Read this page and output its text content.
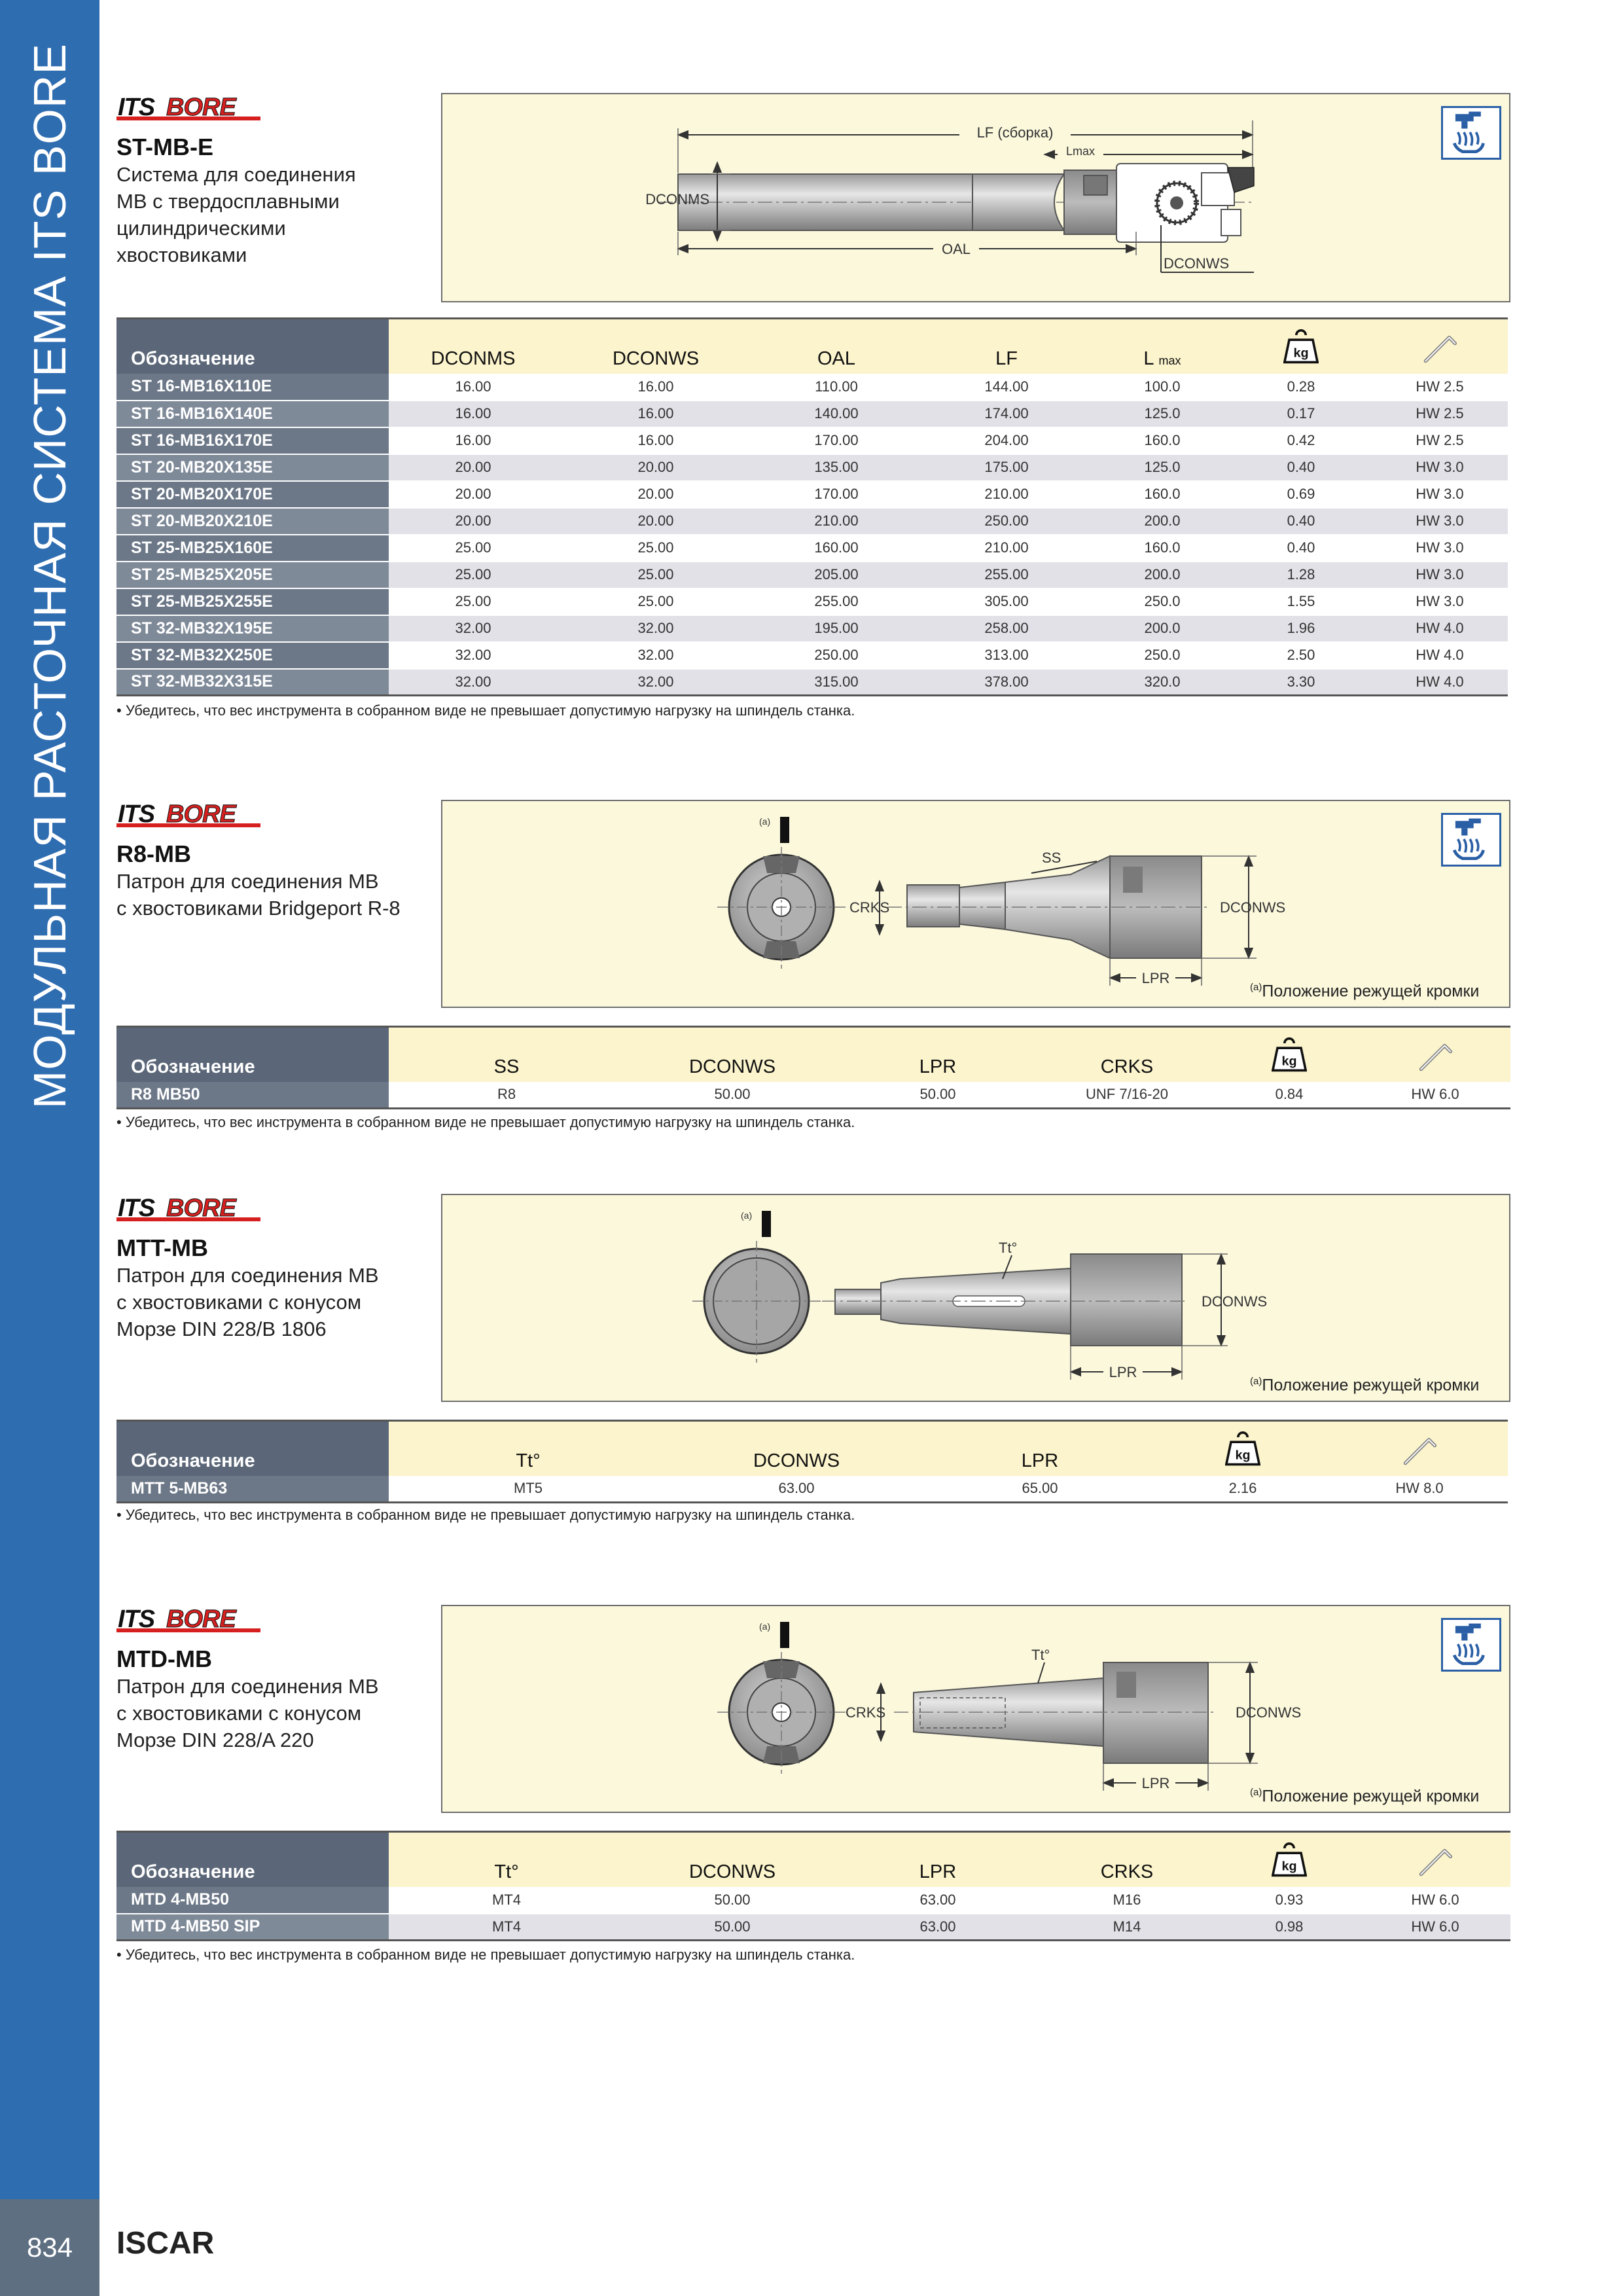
МОДУЛЬНАЯ РАСТОЧНАЯ СИСТЕМА ITS BORE
834	ISCAR
ST-MB-E
Система для соединения
MB с твердосплавными
цилиндрическими
хвостовиками
LF (сборка)
Lmax
DCONMS
OAL
DCONWS
Обозначение	DCONMS	DCONWS	OAL	LF	L max		
ST 16-MB16X110E	16.00	16.00	110.00	144.00	100.0	0.28	HW 2.5
ST 16-MB16X140E	16.00	16.00	140.00	174.00	125.0	0.17	HW 2.5
ST 16-MB16X170E	16.00	16.00	170.00	204.00	160.0	0.42	HW 2.5
ST 20-MB20X135E	20.00	20.00	135.00	175.00	125.0	0.40	HW 3.0
ST 20-MB20X170E	20.00	20.00	170.00	210.00	160.0	0.69	HW 3.0
ST 20-MB20X210E	20.00	20.00	210.00	250.00	200.0	0.40	HW 3.0
ST 25-MB25X160E	25.00	25.00	160.00	210.00	160.0	0.40	HW 3.0
ST 25-MB25X205E	25.00	25.00	205.00	255.00	200.0	1.28	HW 3.0
ST 25-MB25X255E	25.00	25.00	255.00	305.00	250.0	1.55	HW 3.0
ST 32-MB32X195E	32.00	32.00	195.00	258.00	200.0	1.96	HW 4.0
ST 32-MB32X250E	32.00	32.00	250.00	313.00	250.0	2.50	HW 4.0
ST 32-MB32X315E	32.00	32.00	315.00	378.00	320.0	3.30	HW 4.0
• Убедитесь, что вес инструмента в собранном виде не превышает допустимую нагрузку на шпиндель станка.
R8-MB
Патрон для соединения MB
с хвостовиками Bridgeport R-8
(a)
SS
CRKS	DCONWS
LPR
$^{(a)}$Положение режущей кромки
Обозначение	SS	DCONWS	LPR	CRKS		
R8 MB50	R8	50.00	50.00	UNF 7/16-20	0.84	HW 6.0
• Убедитесь, что вес инструмента в собранном виде не превышает допустимую нагрузку на шпиндель станка.
MTT-MB
Патрон для соединения MB
с хвостовиками с конусом
Морзе DIN 228/B 1806
(a)
Tt°
DCONWS
LPR
$^{(a)}$Положение режущей кромки
Обозначение	Tt°	DCONWS	LPR		
MTT 5-MB63	MT5	63.00	65.00	2.16	HW 8.0
• Убедитесь, что вес инструмента в собранном виде не превышает допустимую нагрузку на шпиндель станка.
MTD-MB
Патрон для соединения MB
с хвостовиками с конусом
Морзе DIN 228/A 220
(a)
Tt°
CRKS	DCONWS
LPR
$^{(a)}$Положение режущей кромки
Обозначение	Tt°	DCONWS	LPR	CRKS		
MTD 4-MB50	MT4	50.00	63.00	M16	0.93	HW 6.0
MTD 4-MB50 SIP	MT4	50.00	63.00	M14	0.98	HW 6.0
• Убедитесь, что вес инструмента в собранном виде не превышает допустимую нагрузку на шпиндель станка.
